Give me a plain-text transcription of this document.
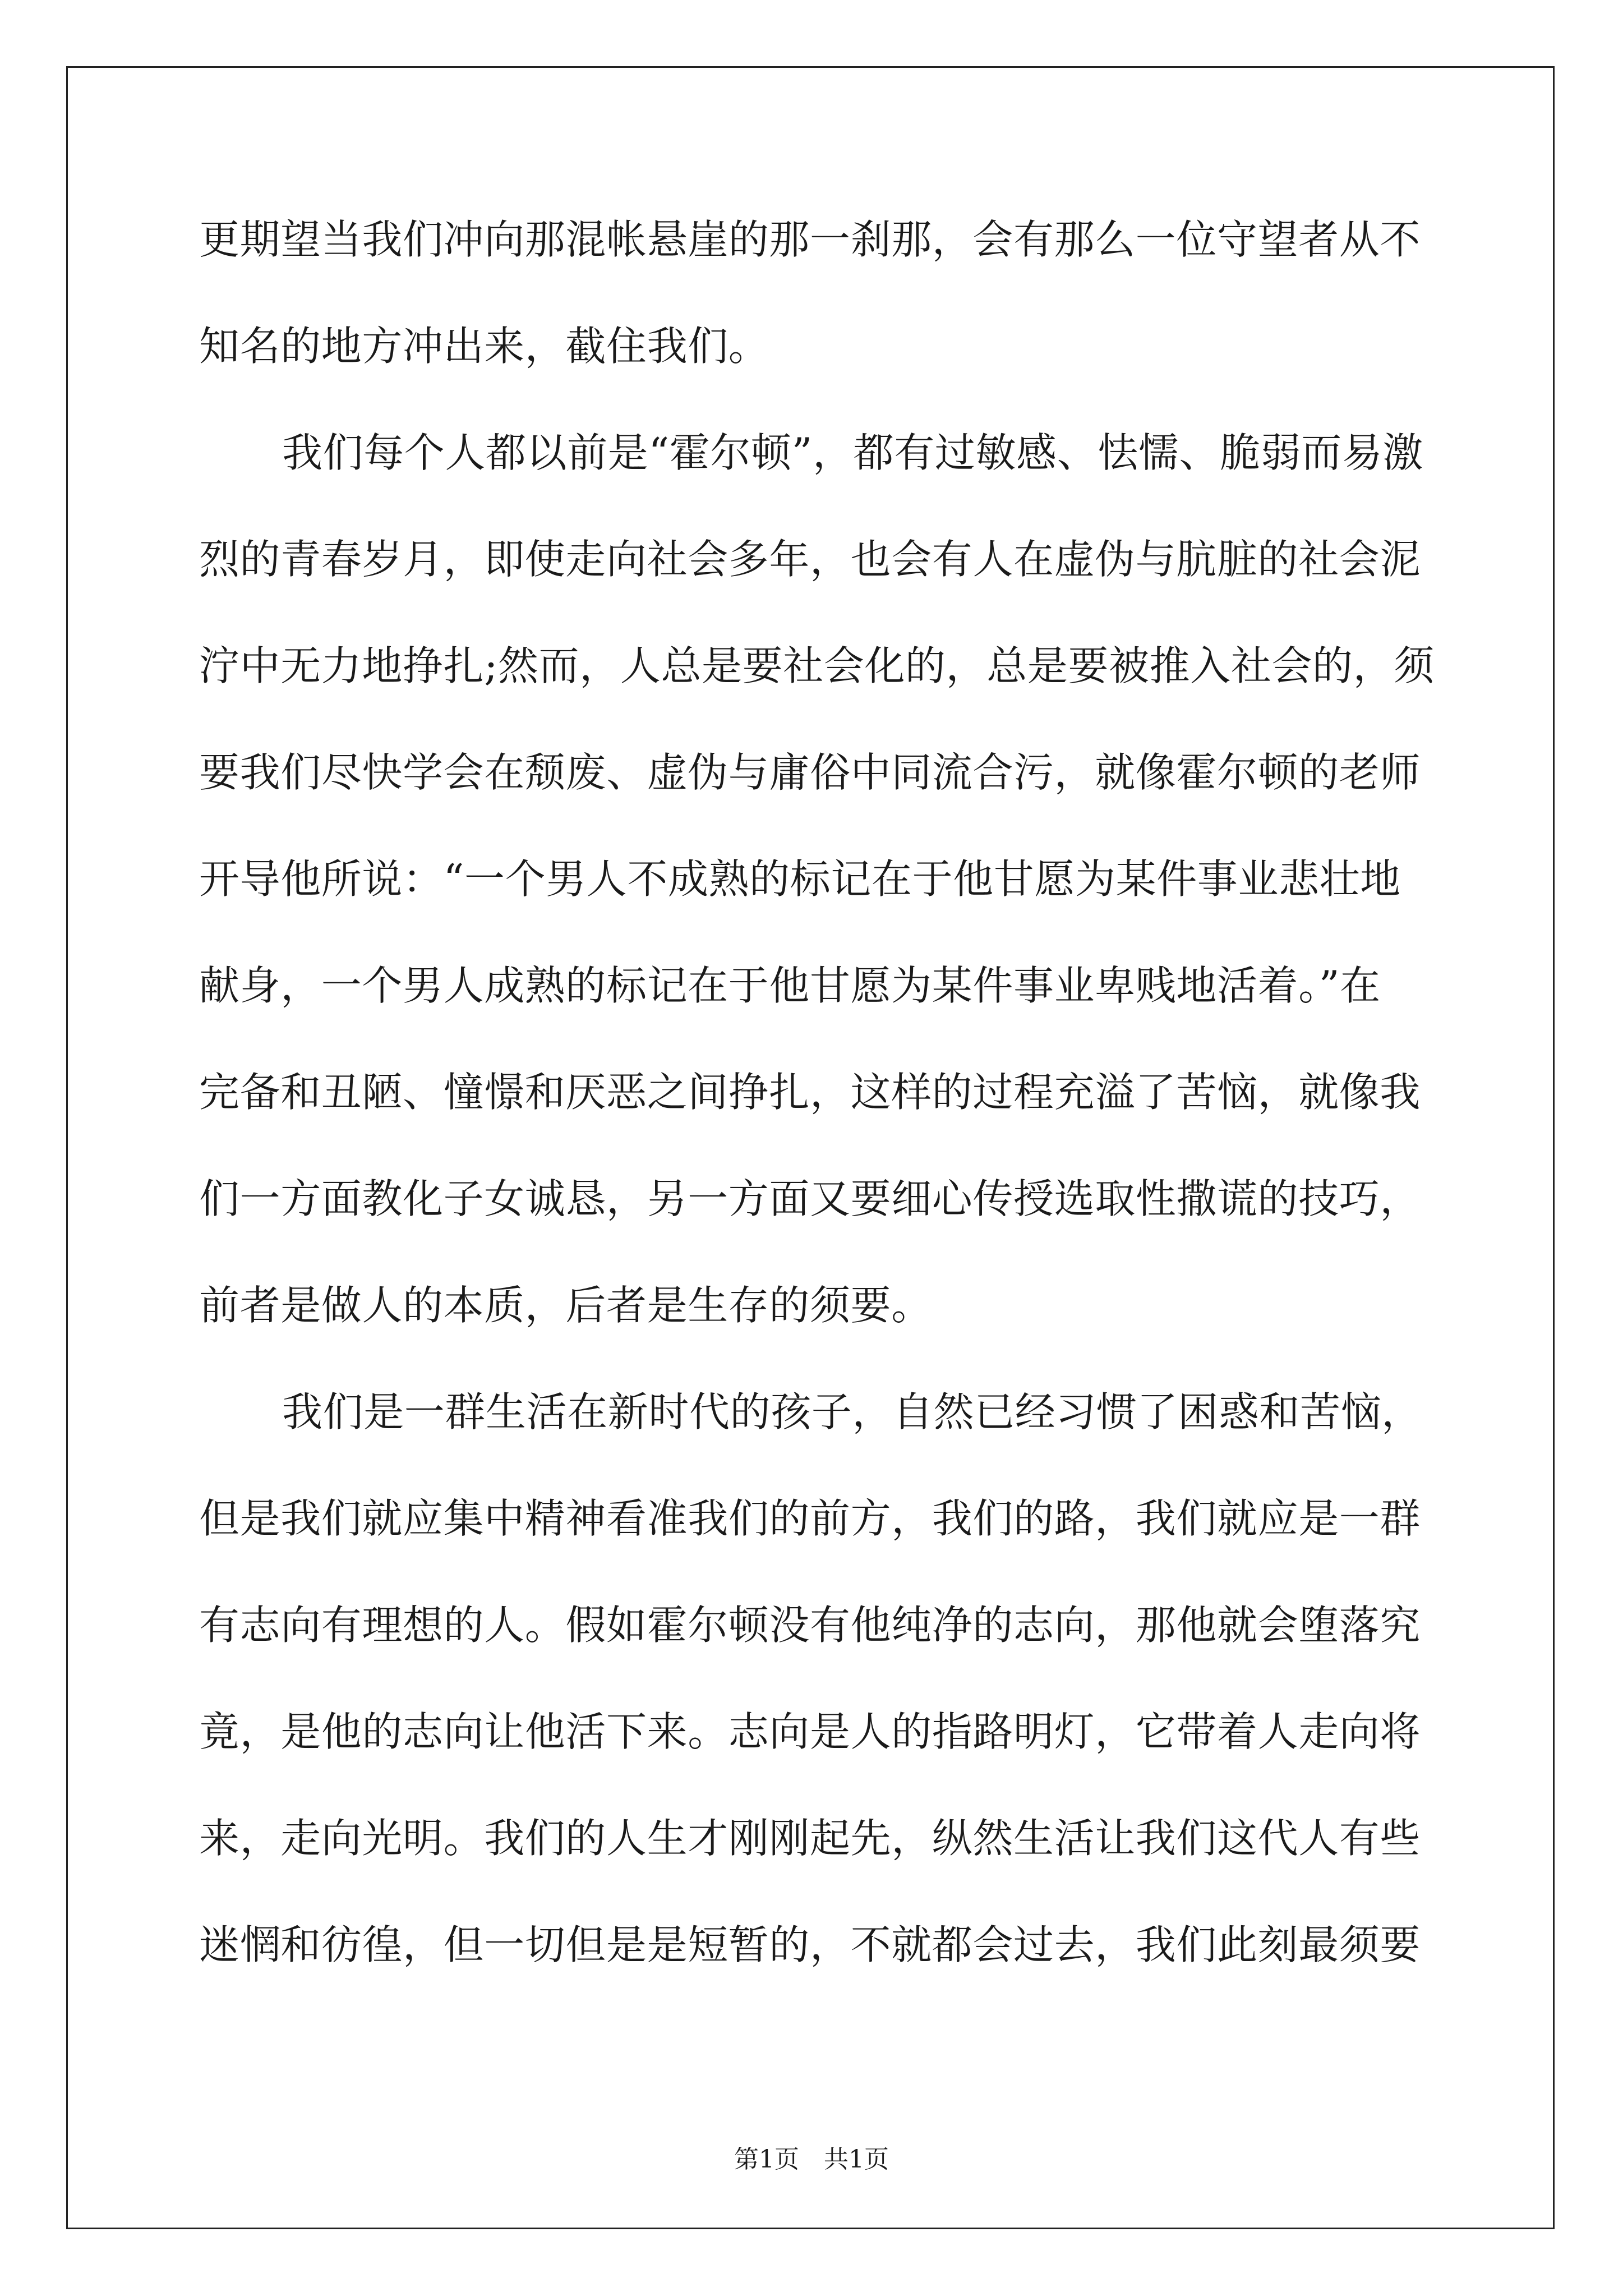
更期望当我们冲向那混帐悬崖的那一刹那，会有那么一位守望者从不
知名的地方冲出来，截住我们。
我们每个人都以前是“霍尔顿”，都有过敏感、怯懦、脆弱而易激
烈的青春岁月，即使走向社会多年，也会有人在虚伪与肮脏的社会泥
泞中无力地挣扎;然而，人总是要社会化的，总是要被推入社会的，须
要我们尽快学会在颓废、虚伪与庸俗中同流合污，就像霍尔顿的老师
开导他所说：“一个男人不成熟的标记在于他甘愿为某件事业悲壮地
献身，一个男人成熟的标记在于他甘愿为某件事业卑贱地活着。”在
完备和丑陋、憧憬和厌恶之间挣扎，这样的过程充溢了苦恼，就像我
们一方面教化子女诚恳，另一方面又要细心传授选取性撒谎的技巧，
前者是做人的本质，后者是生存的须要。
我们是一群生活在新时代的孩子，自然已经习惯了困惑和苦恼，
但是我们就应集中精神看准我们的前方，我们的路，我们就应是一群
有志向有理想的人。假如霍尔顿没有他纯净的志向，那他就会堕落究
竟，是他的志向让他活下来。志向是人的指路明灯，它带着人走向将
来，走向光明。我们的人生才刚刚起先，纵然生活让我们这代人有些
迷惘和彷徨，但一切但是是短暂的，不就都会过去，我们此刻最须要
第1页 共1页
